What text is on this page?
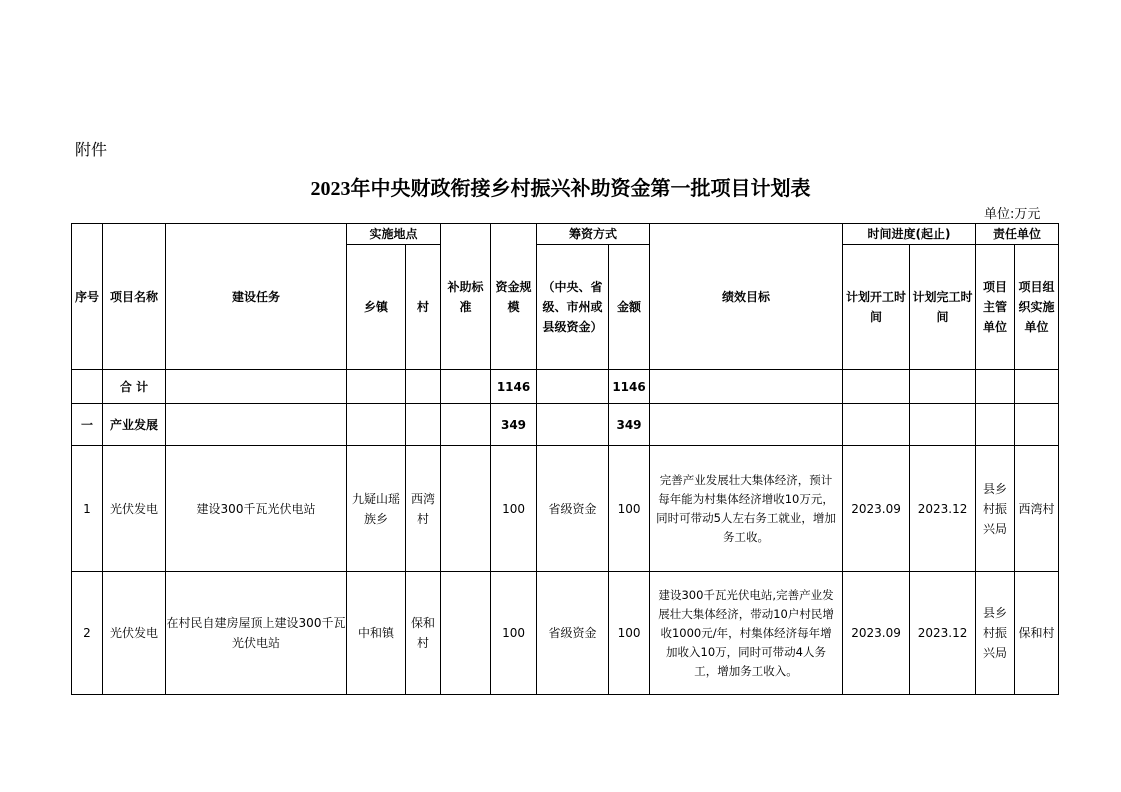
附件
2023年中央财政衔接乡村振兴补助资金第一批项目计划表
单位:万元
序号	项目名称	建设任务	实施地点		补助标准	资金规模	筹资方式		绩效目标	时间进度(起止)		责任单位	
			乡镇	村			（中央、省级、市州或县级资金）	金额		计划开工时间	计划完工时间	项目主管单位	项目组织实施单位
	合 计					1146		1146					
一	产业发展					349		349					
1	光伏发电	建设300千瓦光伏电站	九疑山瑶族乡	西湾村		100	省级资金	100	完善产业发展壮大集体经济，预计每年能为村集体经济增收10万元，同时可带动5人左右务工就业，增加务工收。	2023.09	2023.12	县乡村振兴局	西湾村
2	光伏发电	在村民自建房屋顶上建设300千瓦光伏电站	中和镇	保和村		100	省级资金	100	建设300千瓦光伏电站,完善产业发展壮大集体经济，带动10户村民增收1000元/年，村集体经济每年增加收入10万，同时可带动4人务工，增加务工收入。	2023.09	2023.12	县乡村振兴局	保和村
